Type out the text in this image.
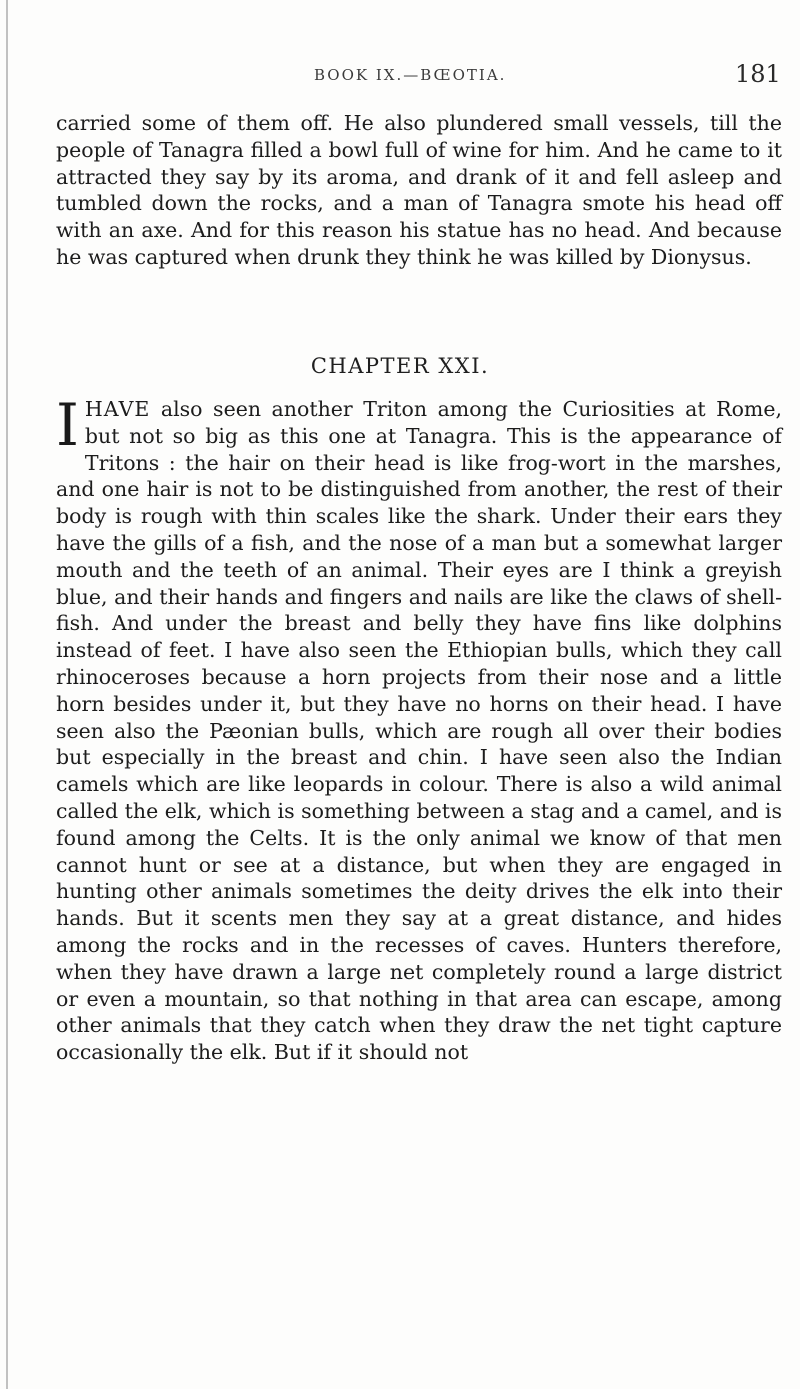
BOOK IX.—BŒOTIA.	181
carried some of them off. He also plundered small vessels, till the people of Tanagra filled a bowl full of wine for him. And he came to it attracted they say by its aroma, and drank of it and fell asleep and tumbled down the rocks, and a man of Tanagra smote his head off with an axe. And for this reason his statue has no head. And because he was captured when drunk they think he was killed by Dionysus.
CHAPTER XXI.
IHAVE also seen another Triton among the Curiosities at Rome, but not so big as this one at Tanagra. This is the appearance of Tritons : the hair on their head is like frog-wort in the marshes, and one hair is not to be distinguished from another, the rest of their body is rough with thin scales like the shark. Under their ears they have the gills of a fish, and the nose of a man but a somewhat larger mouth and the teeth of an animal. Their eyes are I think a greyish blue, and their hands and fingers and nails are like the claws of shell-fish. And under the breast and belly they have fins like dolphins instead of feet. I have also seen the Ethiopian bulls, which they call rhinoceroses because a horn projects from their nose and a little horn besides under it, but they have no horns on their head. I have seen also the Pæonian bulls, which are rough all over their bodies but especially in the breast and chin. I have seen also the Indian camels which are like leopards in colour. There is also a wild animal called the elk, which is something between a stag and a camel, and is found among the Celts. It is the only animal we know of that men cannot hunt or see at a distance, but when they are engaged in hunting other animals sometimes the deity drives the elk into their hands. But it scents men they say at a great distance, and hides among the rocks and in the recesses of caves. Hunters therefore, when they have drawn a large net completely round a large district or even a mountain, so that nothing in that area can escape, among other animals that they catch when they draw the net tight capture occasionally the elk. But if it should not
